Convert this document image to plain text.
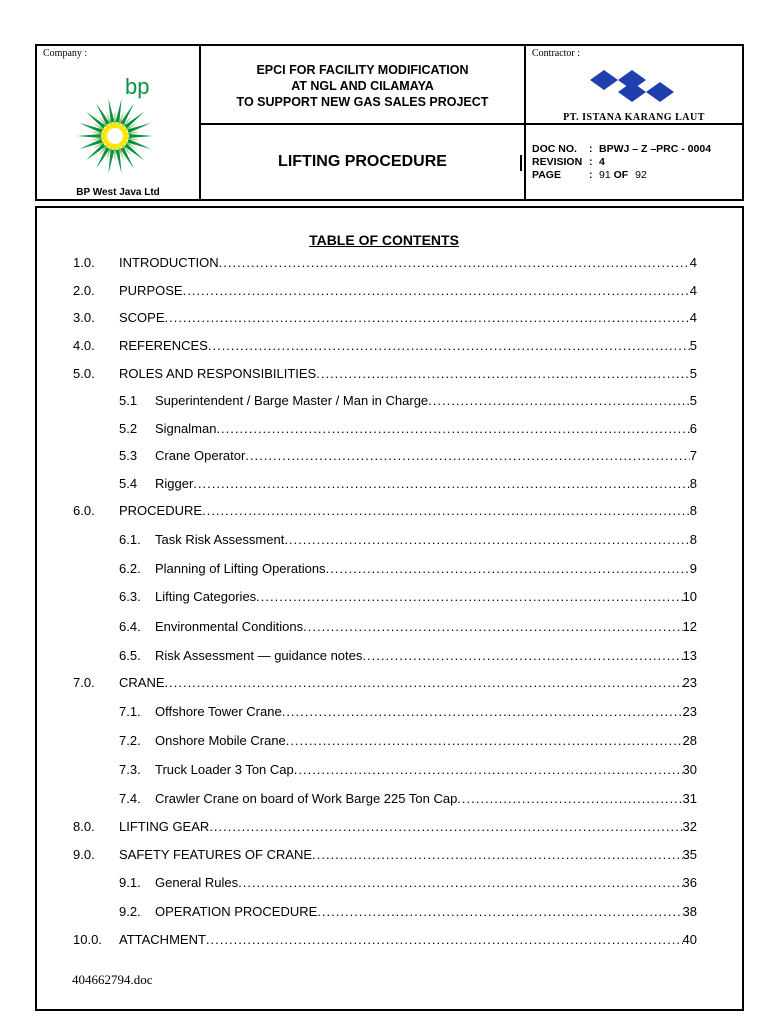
Company :
bp
BP West Java Ltd
EPCI FOR FACILITY MODIFICATION
AT NGL AND CILAMAYA
TO SUPPORT NEW GAS SALES PROJECT
LIFTING PROCEDURE
Contractor :
PT. ISTANA KARANG LAUT
DOC NO. : BPWJ – Z –PRC - 0004
REVISION : 4
PAGE	: 91 OF 92
TABLE OF CONTENTS
1.0. INTRODUCTION .....	4
2.0. PURPOSE .....	4
3.0. SCOPE .....	4
4.0. REFERENCES .....	5
5.0. ROLES AND RESPONSIBILITIES .....	5
5.1 Superintendent / Barge Master / Man in Charge .....	5
5.2 Signalman .....	6
5.3 Crane Operator .....	7
5.4 Rigger .....	8
6.0. PROCEDURE .....	8
6.1. Task Risk Assessment .....	8
6.2. Planning of Lifting Operations .....	9
6.3. Lifting Categories .....	10
6.4. Environmental Conditions .....	12
6.5. Risk Assessment — guidance notes .....	13
7.0. CRANE .....	23
7.1. Offshore Tower Crane .....	23
7.2. Onshore Mobile Crane .....	28
7.3. Truck Loader 3 Ton Cap .....	30
7.4. Crawler Crane on board of Work Barge 225 Ton Cap .....	31
8.0. LIFTING GEAR .....	32
9.0. SAFETY FEATURES OF CRANE .....	35
9.1. General Rules .....	36
9.2. OPERATION PROCEDURE .....	38
10.0. ATTACHMENT .....	40
404662794.doc
